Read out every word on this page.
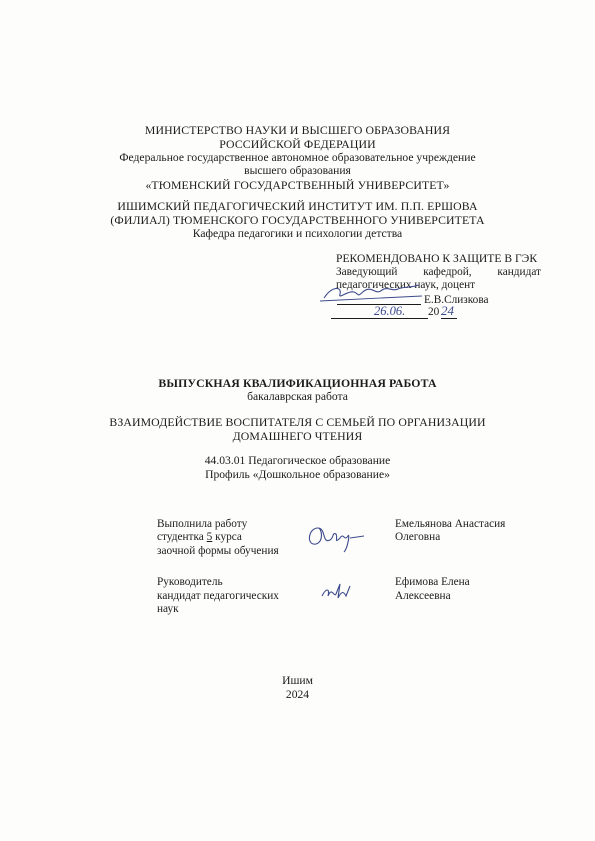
МИНИСТЕРСТВО НАУКИ И ВЫСШЕГО ОБРАЗОВАНИЯ
РОССИЙСКОЙ ФЕДЕРАЦИИ
Федеральное государственное автономное образовательное учреждение
высшего образования
«ТЮМЕНСКИЙ ГОСУДАРСТВЕННЫЙ УНИВЕРСИТЕТ»
ИШИМСКИЙ ПЕДАГОГИЧЕСКИЙ ИНСТИТУТ ИМ. П.П. ЕРШОВА
(ФИЛИАЛ) ТЮМЕНСКОГО ГОСУДАРСТВЕННОГО УНИВЕРСИТЕТА
Кафедра педагогики и психологии детства
РЕКОМЕНДОВАНО К ЗАЩИТЕ В ГЭК
Заведующий кафедрой, кандидат
педагогических наук, доцент
Е.В.Слизкова
26.06. 20 24
ВЫПУСКНАЯ КВАЛИФИКАЦИОННАЯ РАБОТА
бакалаврская работа
ВЗАИМОДЕЙСТВИЕ ВОСПИТАТЕЛЯ С СЕМЬЕЙ ПО ОРГАНИЗАЦИИ
ДОМАШНЕГО ЧТЕНИЯ
44.03.01 Педагогическое образование
Профиль «Дошкольное образование»
Выполнила работу
студентка 5 курса
заочной формы обучения
Емельянова Анастасия
Олеговна
Руководитель
кандидат педагогических
наук
Ефимова Елена
Алексеевна
Ишим
2024
